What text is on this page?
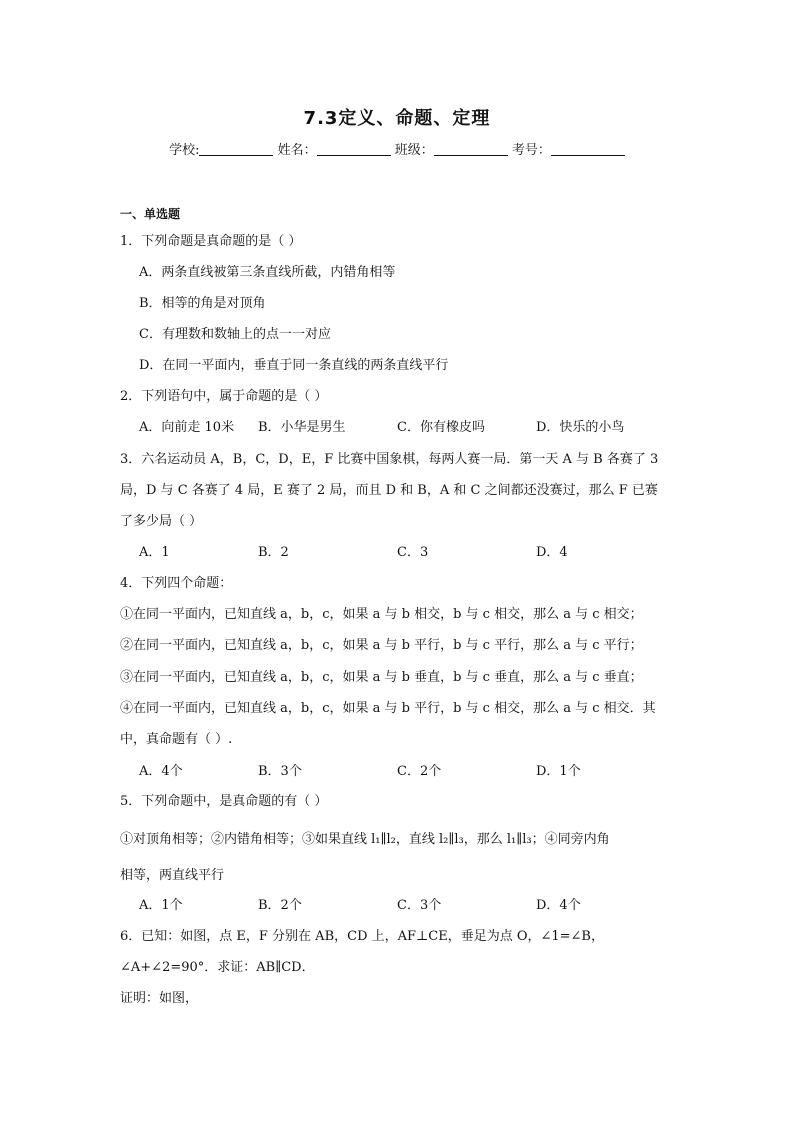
7.3定义、命题、定理
学校:	姓名：	班级：	考号：
一、单选题
1．下列命题是真命题的是（ ）
A．两条直线被第三条直线所截，内错角相等
B．相等的角是对顶角
C．有理数和数轴上的点一一对应
D．在同一平面内，垂直于同一条直线的两条直线平行
2．下列语句中，属于命题的是（ ）
A．向前走 10米 B．小华是男生	C．你有橡皮吗	D．快乐的小鸟
3．六名运动员 A，B，C，D，E，F 比赛中国象棋，每两人赛一局．第一天 A 与 B 各赛了 3
局，D 与 C 各赛了 4 局，E 赛了 2 局，而且 D 和 B，A 和 C 之间都还没赛过，那么 F 已赛
了多少局（ ）
A．1	B．2	C．3	D．4
4．下列四个命题：
①在同一平面内，已知直线 a，b，c，如果 a 与 b 相交，b 与 c 相交，那么 a 与 c 相交；
②在同一平面内，已知直线 a，b，c，如果 a 与 b 平行，b 与 c 平行，那么 a 与 c 平行；
③在同一平面内，已知直线 a，b，c，如果 a 与 b 垂直，b 与 c 垂直，那么 a 与 c 垂直；
④在同一平面内，已知直线 a，b，c，如果 a 与 b 平行，b 与 c 相交，那么 a 与 c 相交．其
中，真命题有（ ）.
A．4个	B．3个	C．2个	D．1个
5．下列命题中，是真命题的有（ ）
①对顶角相等；②内错角相等；③如果直线 l₁∥l₂，直线 l₂∥l₃，那么 l₁∥l₃；④同旁内角
相等，两直线平行
A．1个	B．2个	C．3个	D．4个
6．已知：如图，点 E，F 分别在 AB，CD 上，AF⊥CE，垂足为点 O，∠1=∠B，
∠A+∠2=90°．求证：AB∥CD．
证明：如图，
